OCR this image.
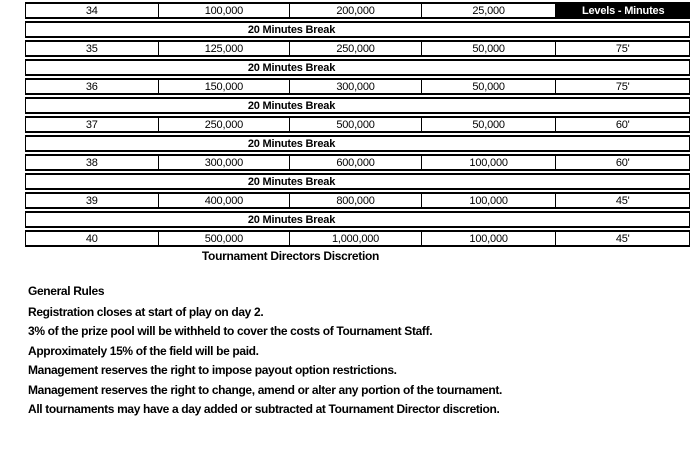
34	100,000	200,000	25,000	Levels - Minutes
20 Minutes Break
35	125,000	250,000	50,000	75'
20 Minutes Break
36	150,000	300,000	50,000	75'
20 Minutes Break
37	250,000	500,000	50,000	60'
20 Minutes Break
38	300,000	600,000	100,000	60'
20 Minutes Break
39	400,000	800,000	100,000	45'
20 Minutes Break
40	500,000	1,000,000	100,000	45'
Tournament Directors Discretion
General Rules
Registration closes at start of play on day 2.
3% of the prize pool will be withheld to cover the costs of Tournament Staff.
Approximately 15% of the field will be paid.
Management reserves the right to impose payout option restrictions.
Management reserves the right to change, amend or alter any portion of the tournament.
All tournaments may have a day added or subtracted at Tournament Director discretion.
